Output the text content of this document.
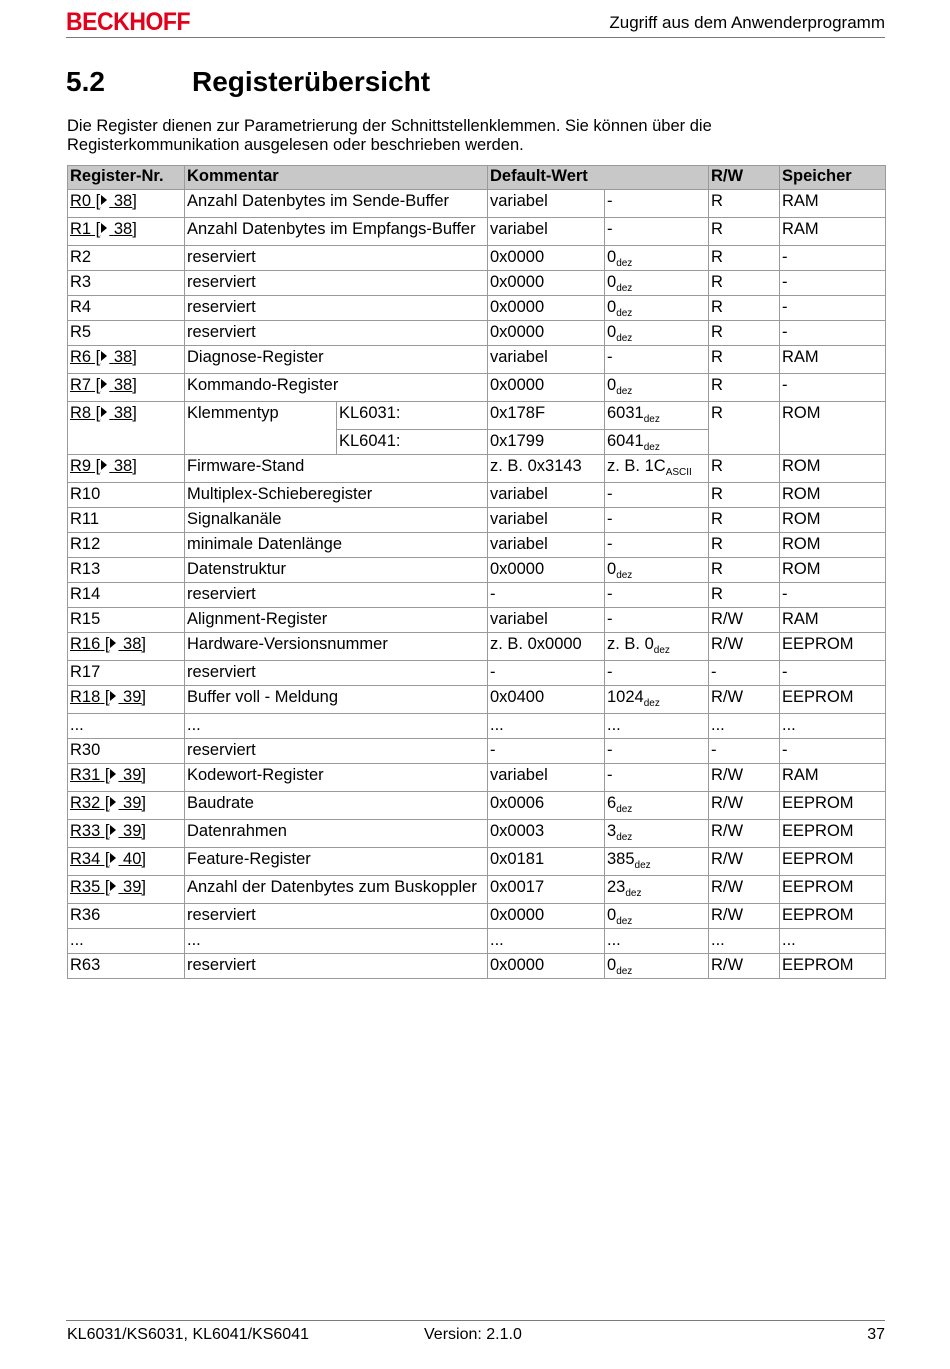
BECKHOFF	Zugriff aus dem Anwenderprogramm
5.2	Registerübersicht
Die Register dienen zur Parametrierung der Schnittstellenklemmen. Sie können über die Registerkommunikation ausgelesen oder beschrieben werden.
Register-Nr.	Kommentar		Default-Wert		R/W	Speicher
R0 [ 38]	Anzahl Datenbytes im Sende-Buffer		variabel	-	R	RAM
R1 [ 38]	Anzahl Datenbytes im Empfangs-Buffer		variabel	-	R	RAM
R2	reserviert		0x0000	$0_{dez}$	R	-
R3	reserviert		0x0000	$0_{dez}$	R	-
R4	reserviert		0x0000	$0_{dez}$	R	-
R5	reserviert		0x0000	$0_{dez}$	R	-
R6 [ 38]	Diagnose-Register		variabel	-	R	RAM
R7 [ 38]	Kommando-Register		0x0000	$0_{dez}$	R	-
R8 [ 38]	Klemmentyp	KL6031:	0x178F	$6031_{dez}$	R	ROM
		KL6041:	0x1799	$6041_{dez}$
R9 [ 38]	Firmware-Stand		z. B. 0x3143	z. B. $1C_{ASCII}$	R	ROM
R10	Multiplex-Schieberegister		variabel	-	R	ROM
R11	Signalkanäle		variabel	-	R	ROM
R12	minimale Datenlänge		variabel	-	R	ROM
R13	Datenstruktur		0x0000	$0_{dez}$	R	ROM
R14	reserviert		-	-	R	-
R15	Alignment-Register		variabel	-	R/W	RAM
R16 [ 38]	Hardware-Versionsnummer		z. B. 0x0000	z. B. $0_{dez}$	R/W	EEPROM
R17	reserviert		-	-	-	-
R18 [ 39]	Buffer voll - Meldung		0x0400	$1024_{dez}$	R/W	EEPROM
...	...		...	...	...	...
R30	reserviert		-	-	-	-
R31 [ 39]	Kodewort-Register		variabel	-	R/W	RAM
R32 [ 39]	Baudrate		0x0006	$6_{dez}$	R/W	EEPROM
R33 [ 39]	Datenrahmen		0x0003	$3_{dez}$	R/W	EEPROM
R34 [ 40]	Feature-Register		0x0181	$385_{dez}$	R/W	EEPROM
R35 [ 39]	Anzahl der Datenbytes zum Buskoppler		0x0017	$23_{dez}$	R/W	EEPROM
R36	reserviert		0x0000	$0_{dez}$	R/W	EEPROM
...	...		...	...	...	...
R63	reserviert		0x0000	$0_{dez}$	R/W	EEPROM
KL6031/KS6031, KL6041/KS6041	Version: 2.1.0	37
